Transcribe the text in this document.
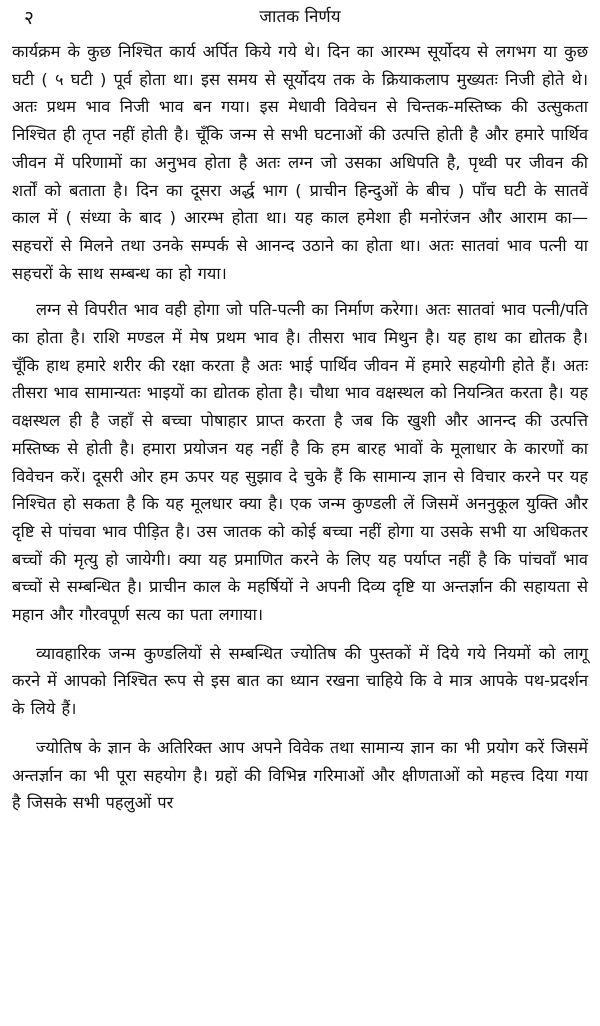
२	जातक निर्णय

कार्यक्रम के कुछ निश्चित कार्य अर्पित किये गये थे। दिन का आरम्भ सूर्योदय से लगभग या कुछ घटी ( ५ घटी ) पूर्व होता था। इस समय से सूर्योदय तक के क्रियाकलाप मुख्यतः निजी होते थे। अतः प्रथम भाव निजी भाव बन गया। इस मेधावी विवेचन से चिन्तक-मस्तिष्क की उत्सुकता निश्चित ही तृप्त नहीं होती है। चूँकि जन्म से सभी घटनाओं की उत्पत्ति होती है और हमारे पार्थिव जीवन में परिणामों का अनुभव होता है अतः लग्न जो उसका अधिपति है, पृथ्वी पर जीवन की शर्तों को बताता है। दिन का दूसरा अर्द्ध भाग ( प्राचीन हिन्दुओं के बीच ) पाँच घटी के सातवें काल में ( संध्या के बाद ) आरम्भ होता था। यह काल हमेशा ही मनोरंजन और आराम का—सहचरों से मिलने तथा उनके सम्पर्क से आनन्द उठाने का होता था। अतः सातवां भाव पत्नी या सहचरों के साथ सम्बन्ध का हो गया।

लग्न से विपरीत भाव वही होगा जो पति-पत्नी का निर्माण करेगा। अतः सातवां भाव पत्नी/पति का होता है। राशि मण्डल में मेष प्रथम भाव है। तीसरा भाव मिथुन है। यह हाथ का द्योतक है। चूँकि हाथ हमारे शरीर की रक्षा करता है अतः भाई पार्थिव जीवन में हमारे सहयोगी होते हैं। अतः तीसरा भाव सामान्यतः भाइयों का द्योतक होता है। चौथा भाव वक्षस्थल को नियन्त्रित करता है। यह वक्षस्थल ही है जहाँ से बच्चा पोषाहार प्राप्त करता है जब कि खुशी और आनन्द की उत्पत्ति मस्तिष्क से होती है। हमारा प्रयोजन यह नहीं है कि हम बारह भावों के मूलाधार के कारणों का विवेचन करें। दूसरी ओर हम ऊपर यह सुझाव दे चुके हैं कि सामान्य ज्ञान से विचार करने पर यह निश्चित हो सकता है कि यह मूलधार क्या है। एक जन्म कुण्डली लें जिसमें अननुकूल युक्ति और दृष्टि से पांचवा भाव पीड़ित है। उस जातक को कोई बच्चा नहीं होगा या उसके सभी या अधिकतर बच्चों की मृत्यु हो जायेगी। क्या यह प्रमाणित करने के लिए यह पर्याप्त नहीं है कि पांचवाँ भाव बच्चों से सम्बन्धित है। प्राचीन काल के महर्षियों ने अपनी दिव्य दृष्टि या अन्तर्ज्ञान की सहायता से महान और गौरवपूर्ण सत्य का पता लगाया।

व्यावहारिक जन्म कुण्डलियों से सम्बन्धित ज्योतिष की पुस्तकों में दिये गये नियमों को लागू करने में आपको निश्चित रूप से इस बात का ध्यान रखना चाहिये कि वे मात्र आपके पथ-प्रदर्शन के लिये हैं।

ज्योतिष के ज्ञान के अतिरिक्त आप अपने विवेक तथा सामान्य ज्ञान का भी प्रयोग करें जिसमें अन्तर्ज्ञान का भी पूरा सहयोग है। ग्रहों की विभिन्न गरिमाओं और क्षीणताओं को महत्त्व दिया गया है जिसके सभी पहलुओं पर
